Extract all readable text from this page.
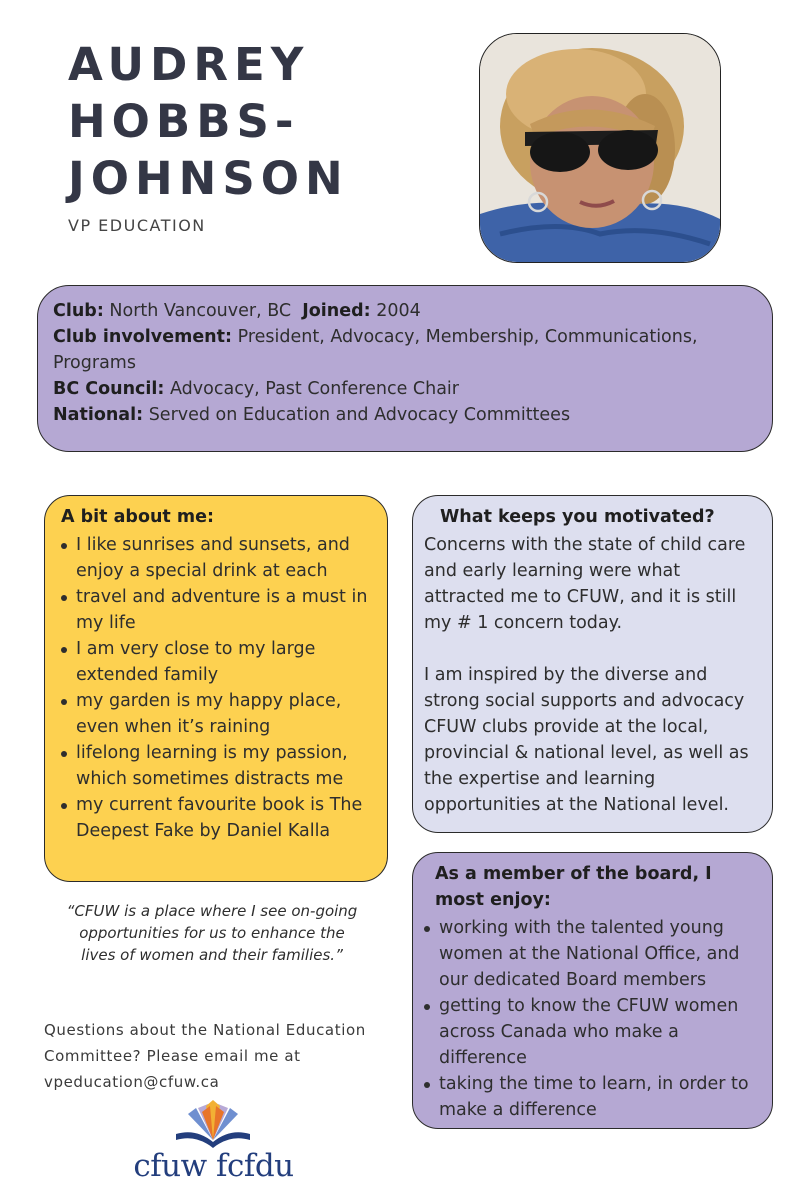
AUDREY
HOBBS-
JOHNSON
VP EDUCATION
Club: North Vancouver, BC Joined: 2004
Club involvement: President, Advocacy, Membership, Communications, Programs
BC Council: Advocacy, Past Conference Chair
National: Served on Education and Advocacy Committees
A bit about me:
I like sunrises and sunsets, and enjoy a special drink at each
travel and adventure is a must in my life
I am very close to my large extended family
my garden is my happy place, even when it’s raining
lifelong learning is my passion, which sometimes distracts me
my current favourite book is The Deepest Fake by Daniel Kalla
What keeps you motivated?

Concerns with the state of child care and early learning were what attracted me to CFUW, and it is still my # 1 concern today.

I am inspired by the diverse and strong social supports and advocacy CFUW clubs provide at the local, provincial & national level, as well as the expertise and learning opportunities at the National level.

As a member of the board, I most enjoy:
working with the talented young women at the National Office, and our dedicated Board members
getting to know the CFUW women across Canada who make a difference
taking the time to learn, in order to make a difference
“CFUW is a place where I see on-going opportunities for us to enhance the lives of women and their families.”
Questions about the National Education Committee? Please email me at vpeducation@cfuw.ca
cfuw fcfdu
